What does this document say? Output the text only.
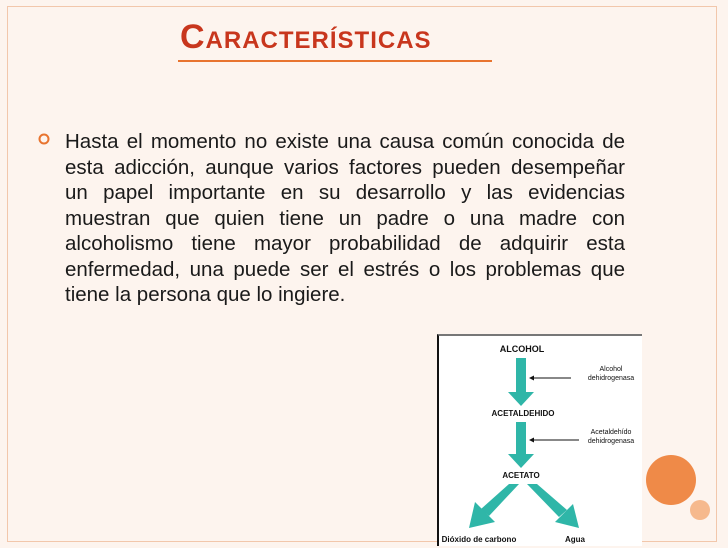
Características

Hasta el momento no existe una causa común conocida de esta adicción, aunque varios factores pueden desempeñar un papel importante en su desarrollo y las evidencias muestran que quien tiene un padre o una madre con alcoholismo tiene mayor probabilidad de adquirir esta enfermedad, una puede ser el estrés o los problemas que tiene la persona que lo ingiere.

ALCOHOL
Alcohol
dehidrogenasa
ACETALDEHIDO
Acetaldehído
dehidrogenasa
ACETATO
Dióxido de carbono	Agua
